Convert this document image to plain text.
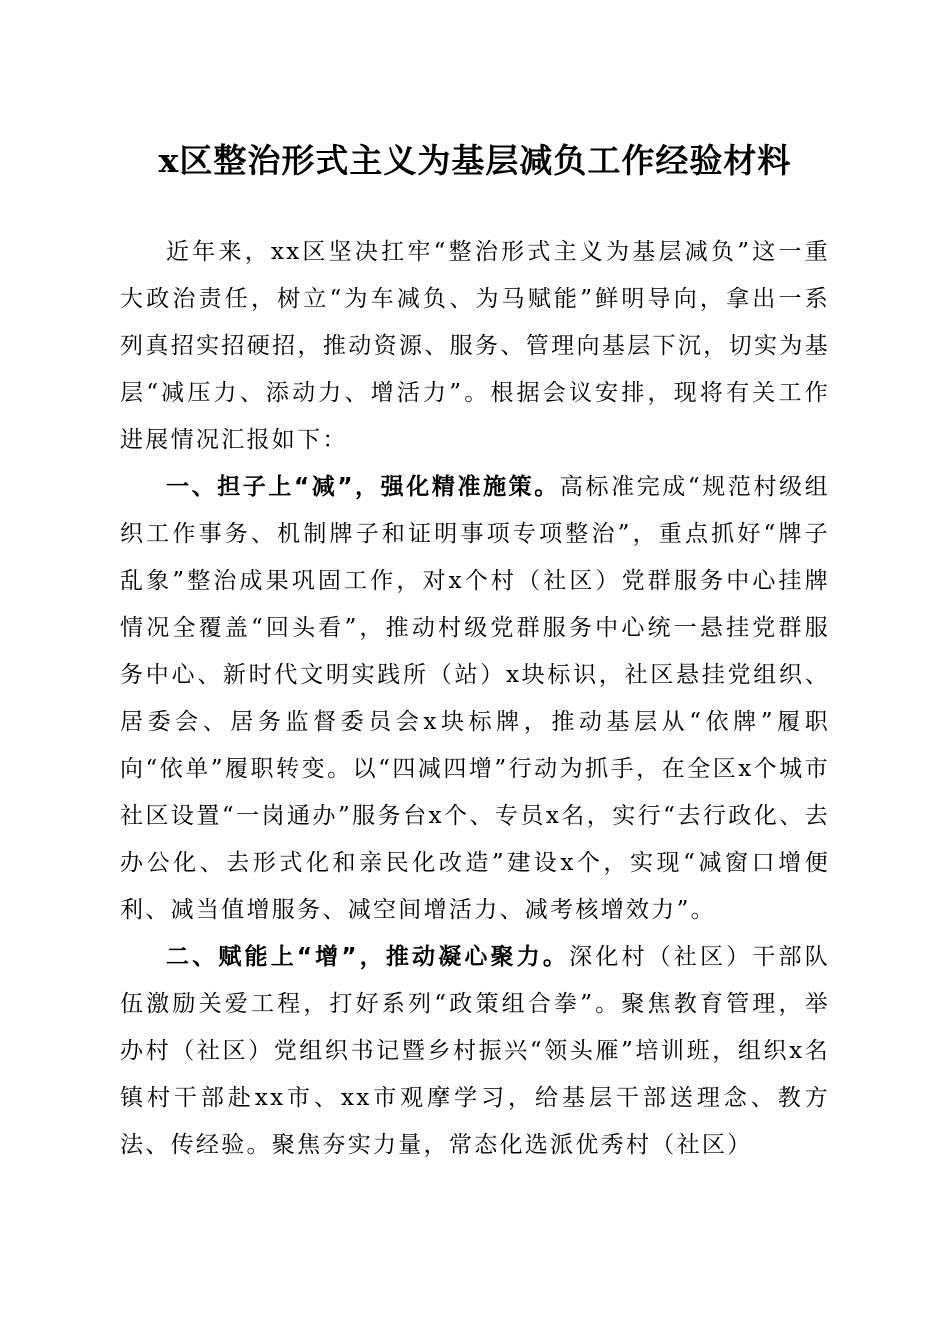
x区整治形式主义为基层减负工作经验材料

近年来，xx区坚决扛牢“整治形式主义为基层减负”这一重大政治责任，树立“为车减负、为马赋能”鲜明导向，拿出一系列真招实招硬招，推动资源、服务、管理向基层下沉，切实为基层“减压力、添动力、增活力”。根据会议安排，现将有关工作进展情况汇报如下：

一、担子上“减”，强化精准施策。高标准完成“规范村级组织工作事务、机制牌子和证明事项专项整治”，重点抓好“牌子乱象”整治成果巩固工作，对x个村（社区）党群服务中心挂牌情况全覆盖“回头看”，推动村级党群服务中心统一悬挂党群服务中心、新时代文明实践所（站）x块标识，社区悬挂党组织、居委会、居务监督委员会x块标牌，推动基层从“依牌”履职向“依单”履职转变。以“四减四增”行动为抓手，在全区x个城市社区设置“一岗通办”服务台x个、专员x名，实行“去行政化、去办公化、去形式化和亲民化改造”建设x个，实现“减窗口增便利、减当值增服务、减空间增活力、减考核增效力”。

二、赋能上“增”，推动凝心聚力。深化村（社区）干部队伍激励关爱工程，打好系列“政策组合拳”。聚焦教育管理，举办村（社区）党组织书记暨乡村振兴“领头雁”培训班，组织x名镇村干部赴xx市、xx市观摩学习，给基层干部送理念、教方法、传经验。聚焦夯实力量，常态化选派优秀村（社区）
